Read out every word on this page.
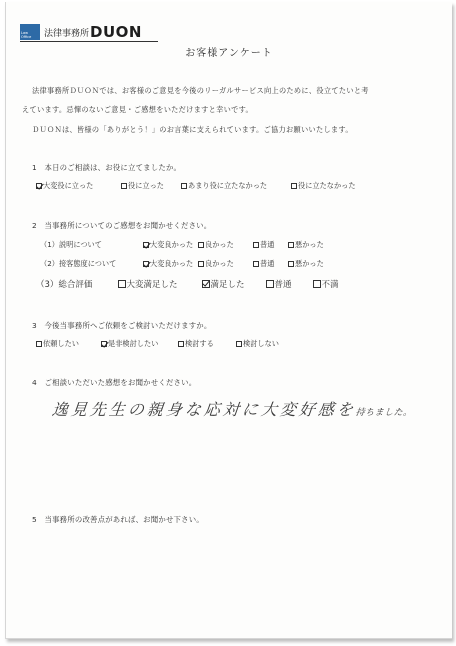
Law
Office	法律事務所 DUON
お客様アンケート
法律事務所ＤＵＯＮでは、お客様のご意見を今後のリーガルサービス向上のために、役立てたいと考
えています。忌憚のないご意見・ご感想をいただけますと幸いです。
ＤＵＯＮは、皆様の「ありがとう！」のお言葉に支えられています。ご協力お願いいたします。
1　本日のご相談は、お役に立てましたか。
大変役に立った	役に立った	あまり役に立たなかった	役に立たなかった
2　当事務所についてのご感想をお聞かせください。
（1）説明について	大変良かった 良かった	普通	悪かった
（2）接客態度について	大変良かった 良かった	普通	悪かった
（3）総合評価	大変満足した	満足した	普通	不満
3　今後当事務所へご依頼をご検討いただけますか。
依頼したい	是非検討したい	検討する	検討しない
4　ご相談いただいた感想をお聞かせください。
逸見先生の親身な応対に大変好感を持ちました。
5　当事務所の改善点があれば、お聞かせ下さい。
